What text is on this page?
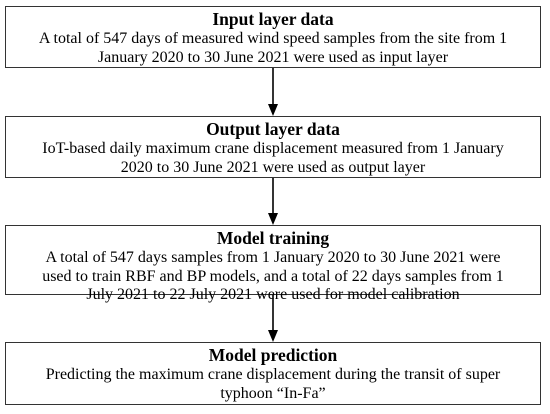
Input layer data
A total of 547 days of measured wind speed samples from the site from 1
January 2020 to 30 June 2021 were used as input layer
Output layer data
IoT-based daily maximum crane displacement measured from 1 January
2020 to 30 June 2021 were used as output layer
Model training
A total of 547 days samples from 1 January 2020 to 30 June 2021 were
used to train RBF and BP models, and a total of 22 days samples from 1
July 2021 to 22 July 2021 were used for model calibration
Model prediction
Predicting the maximum crane displacement during the transit of super
typhoon “In-Fa”
